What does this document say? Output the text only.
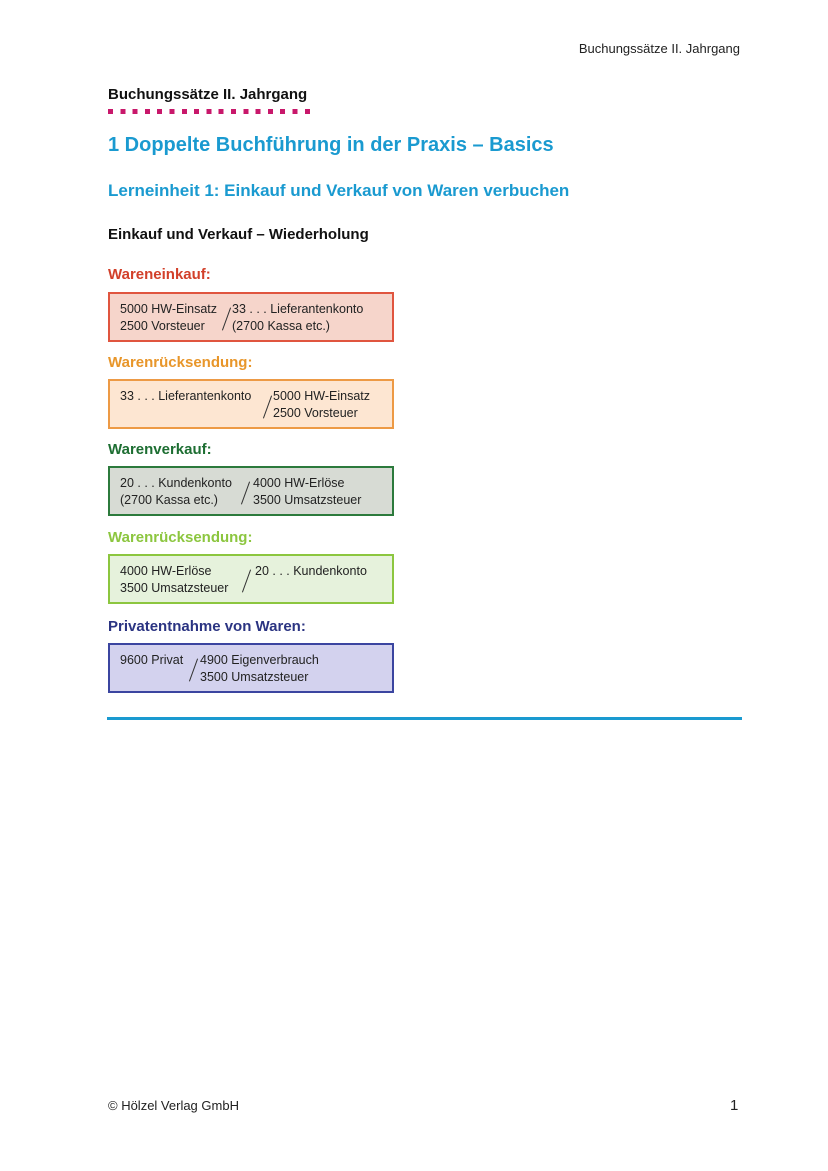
Buchungssätze II. Jahrgang
Buchungssätze II. Jahrgang
1 Doppelte Buchführung in der Praxis – Basics
Lerneinheit 1: Einkauf und Verkauf von Waren verbuchen
Einkauf und Verkauf – Wiederholung
Wareneinkauf:
5000 HW-Einsatz
2500 Vorsteuer
33 . . . Lieferantenkonto
(2700 Kassa etc.)
Warenrücksendung:
33 . . . Lieferantenkonto 5000 HW-Einsatz
2500 Vorsteuer
Warenverkauf:
20 . . . Kundenkonto
(2700 Kassa etc.)
4000 HW-Erlöse
3500 Umsatzsteuer
Warenrücksendung:
4000 HW-Erlöse
3500 Umsatzsteuer
20 . . . Kundenkonto
Privatentnahme von Waren:
9600 Privat 4900 Eigenverbrauch
3500 Umsatzsteuer
© Hölzel Verlag GmbH	1
